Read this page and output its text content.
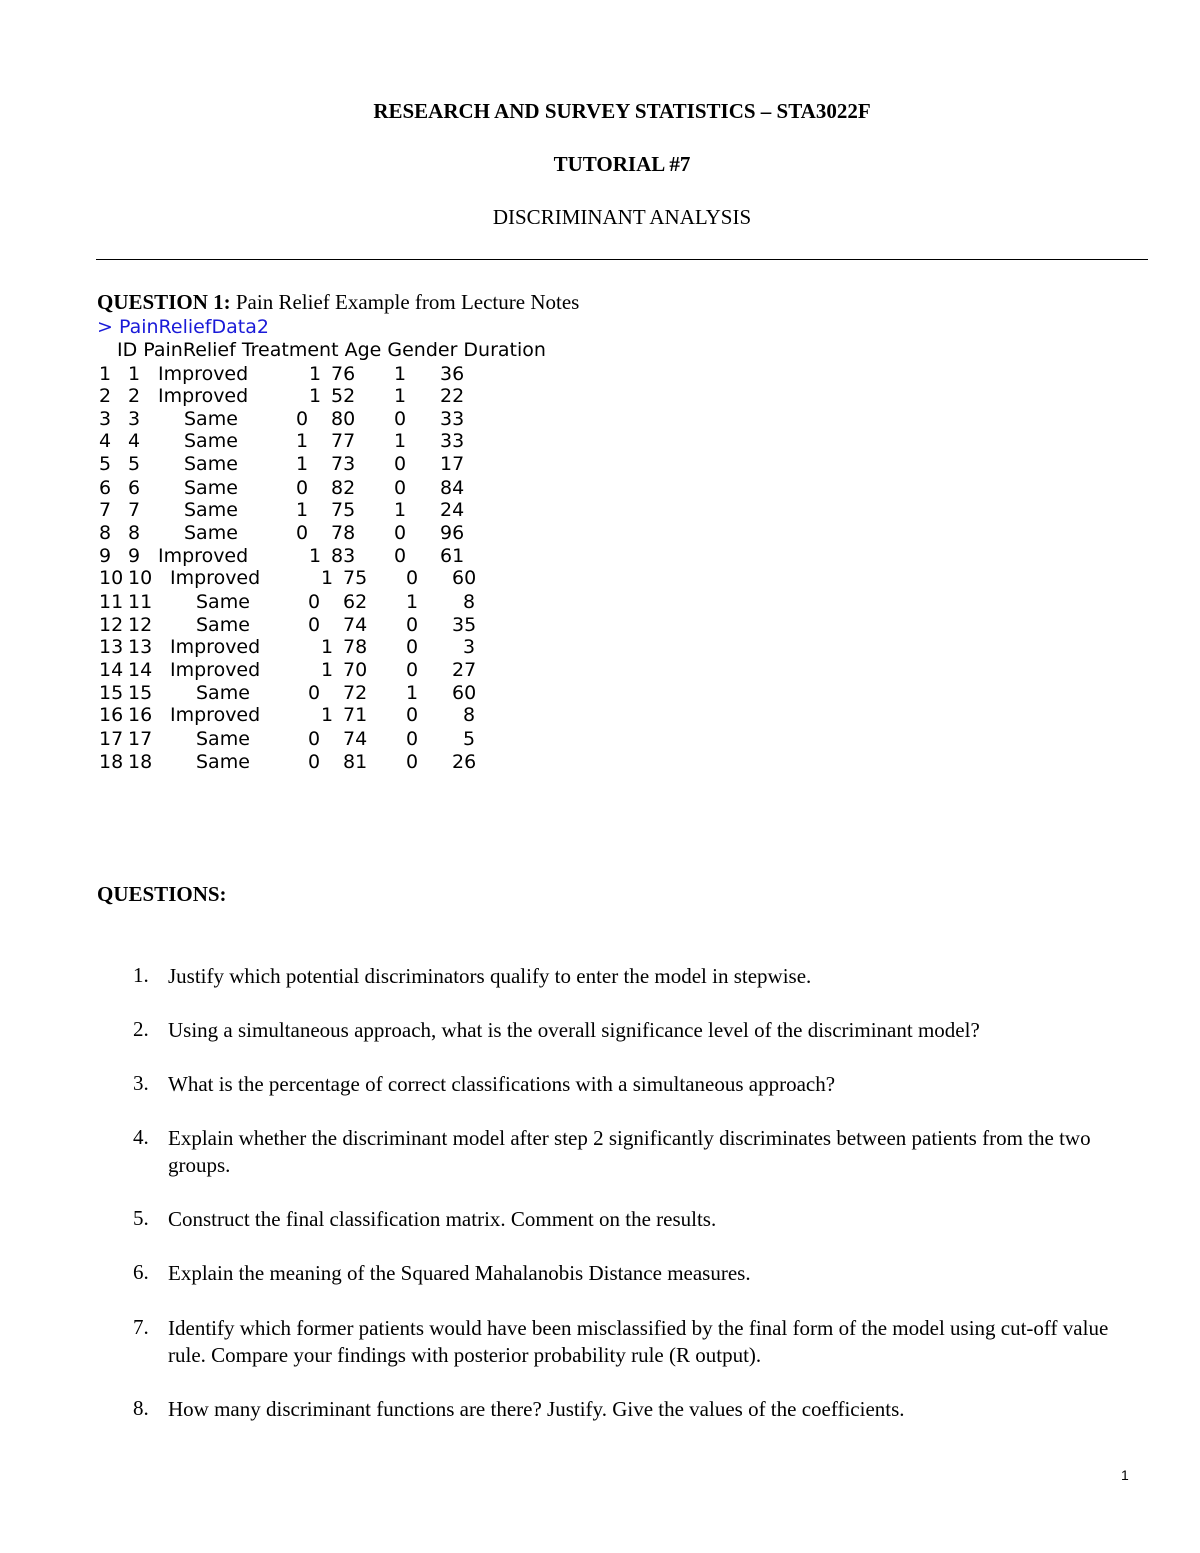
RESEARCH AND SURVEY STATISTICS – STA3022F
TUTORIAL #7
DISCRIMINANT ANALYSIS
QUESTION 1: Pain Relief Example from Lecture Notes
> PainReliefData2
ID PainRelief Treatment Age Gender Duration
1 1 Improved	1 76 1 36
2 2 Improved	1 52 1 22
3 3 Same	0 80 0 33
4 4 Same	1 77 1 33
5 5 Same	1 73 0 17
6 6 Same	0 82 0 84
7 7 Same	1 75 1 24
8 8 Same	0 78 0 96
9 9 Improved	1 83 0 61
10 10 Improved	1 75 0 60
11 11 Same	0 62 1 8
12 12 Same	0 74 0 35
13 13 Improved	1 78 0 3
14 14 Improved	1 70 0 27
15 15 Same	0 72 1 60
16 16 Improved	1 71 0 8
17 17 Same	0 74 0 5
18 18 Same	0 81 0 26
QUESTIONS:
1. Justify which potential discriminators qualify to enter the model in stepwise.
2. Using a simultaneous approach, what is the overall significance level of the discriminant model?
3. What is the percentage of correct classifications with a simultaneous approach?
4. Explain whether the discriminant model after step 2 significantly discriminates between patients from the two groups.
5. Construct the final classification matrix. Comment on the results.
6. Explain the meaning of the Squared Mahalanobis Distance measures.
7. Identify which former patients would have been misclassified by the final form of the model using cut-off value rule. Compare your findings with posterior probability rule (R output).
8. How many discriminant functions are there? Justify. Give the values of the coefficients.
1
